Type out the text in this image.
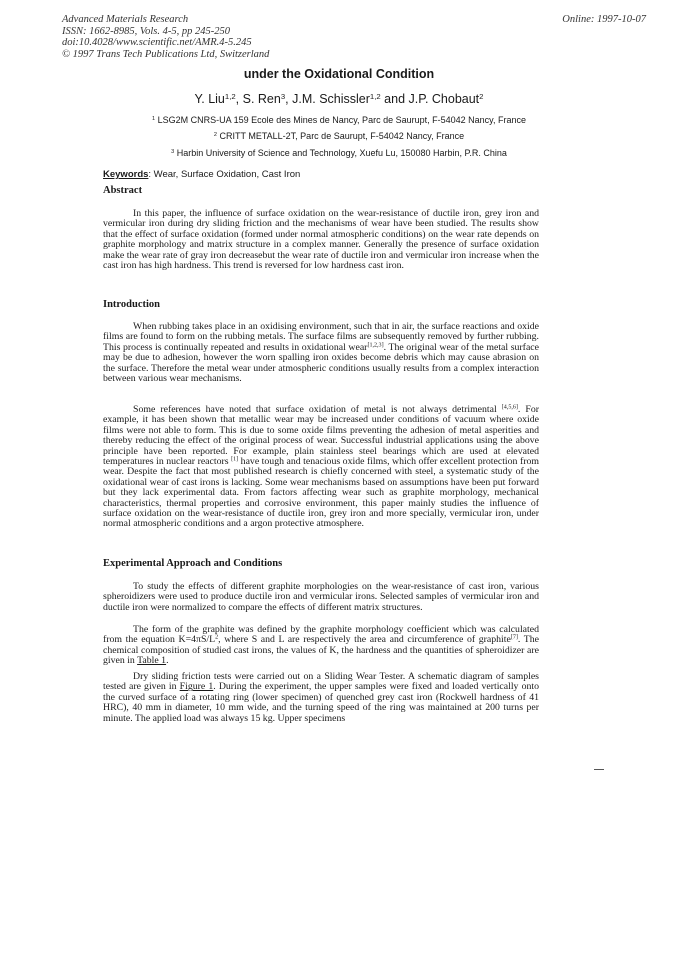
Advanced Materials Research
ISSN: 1662-8985, Vols. 4-5, pp 245-250
doi:10.4028/www.scientific.net/AMR.4-5.245
© 1997 Trans Tech Publications Ltd, Switzerland
Online: 1997-10-07
under the Oxidational Condition
Y. Liu$^{1,2}$, S. Ren$^3$, J.M. Schissler$^{1,2}$ and J.P. Chobaut$^2$
$^1$ LSG2M CNRS-UA 159 Ecole des Mines de Nancy, Parc de Saurupt, F-54042 Nancy, France
$^2$ CRITT METALL-2T, Parc de Saurupt, F-54042 Nancy, France
$^3$ Harbin University of Science and Technology, Xuefu Lu, 150080 Harbin, P.R. China
Keywords: Wear, Surface Oxidation, Cast Iron
Abstract
In this paper, the influence of surface oxidation on the wear-resistance of ductile iron, grey iron and vermicular iron during dry sliding friction and the mechanisms of wear have been studied. The results show that the effect of surface oxidation (formed under normal atmospheric conditions) on the wear rate depends on graphite morphology and matrix structure in a complex manner. Generally the presence of surface oxidation make the wear rate of gray iron decreasebut the wear rate of ductile iron and vermicular iron increase when the cast iron has high hardness. This trend is reversed for low hardness cast iron.
Introduction
When rubbing takes place in an oxidising environment, such that in air, the surface reactions and oxide films are found to form on the rubbing metals. The surface films are subsequently removed by further rubbing. This process is continually repeated and results in oxidational wear[1,2,3]. The original wear of the metal surface may be due to adhesion, however the worn spalling iron oxides become debris which may cause abrasion on the surface. Therefore the metal wear under atmospheric conditions usually results from a complex interaction between various wear mechanisms.
Some references have noted that surface oxidation of metal is not always detrimental [4,5,6]. For example, it has been shown that metallic wear may be increased under conditions of vacuum where oxide films were not able to form. This is due to some oxide films preventing the adhesion of metal asperities and thereby reducing the effect of the original process of wear. Successful industrial applications using the above principle have been reported. For example, plain stainless steel bearings which are used at elevated temperatures in nuclear reactors [1] have tough and tenacious oxide films, which offer excellent protection from wear. Despite the fact that most published research is chiefly concerned with steel, a systematic study of the oxidational wear of cast irons is lacking. Some wear mechanisms based on assumptions have been put forward but they lack experimental data. From factors affecting wear such as graphite morphology, mechanical characteristics, thermal properties and corrosive environment, this paper mainly studies the influence of surface oxidation on the wear-resistance of ductile iron, grey iron and more specially, vermicular iron, under normal atmospheric conditions and a argon protective atmosphere.
Experimental Approach and Conditions
To study the effects of different graphite morphologies on the wear-resistance of cast iron, various spheroidizers were used to produce ductile iron and vermicular irons. Selected samples of vermicular iron and ductile iron were normalized to compare the effects of different matrix structures.
The form of the graphite was defined by the graphite morphology coefficient which was calculated from the equation $K=4\pi S/L^2$, where S and L are respectively the area and circumference of graphite[7]. The chemical composition of studied cast irons, the values of K, the hardness and the quantities of spheroidizer are given in Table 1.
Dry sliding friction tests were carried out on a Sliding Wear Tester. A schematic diagram of samples tested are given in Figure 1. During the experiment, the upper samples were fixed and loaded vertically onto the curved surface of a rotating ring (lower specimen) of quenched grey cast iron (Rockwell hardness of 41 HRC), 40 mm in diameter, 10 mm wide, and the turning speed of the ring was maintained at 200 turns per minute. The applied load was always 15 kg. Upper specimens
